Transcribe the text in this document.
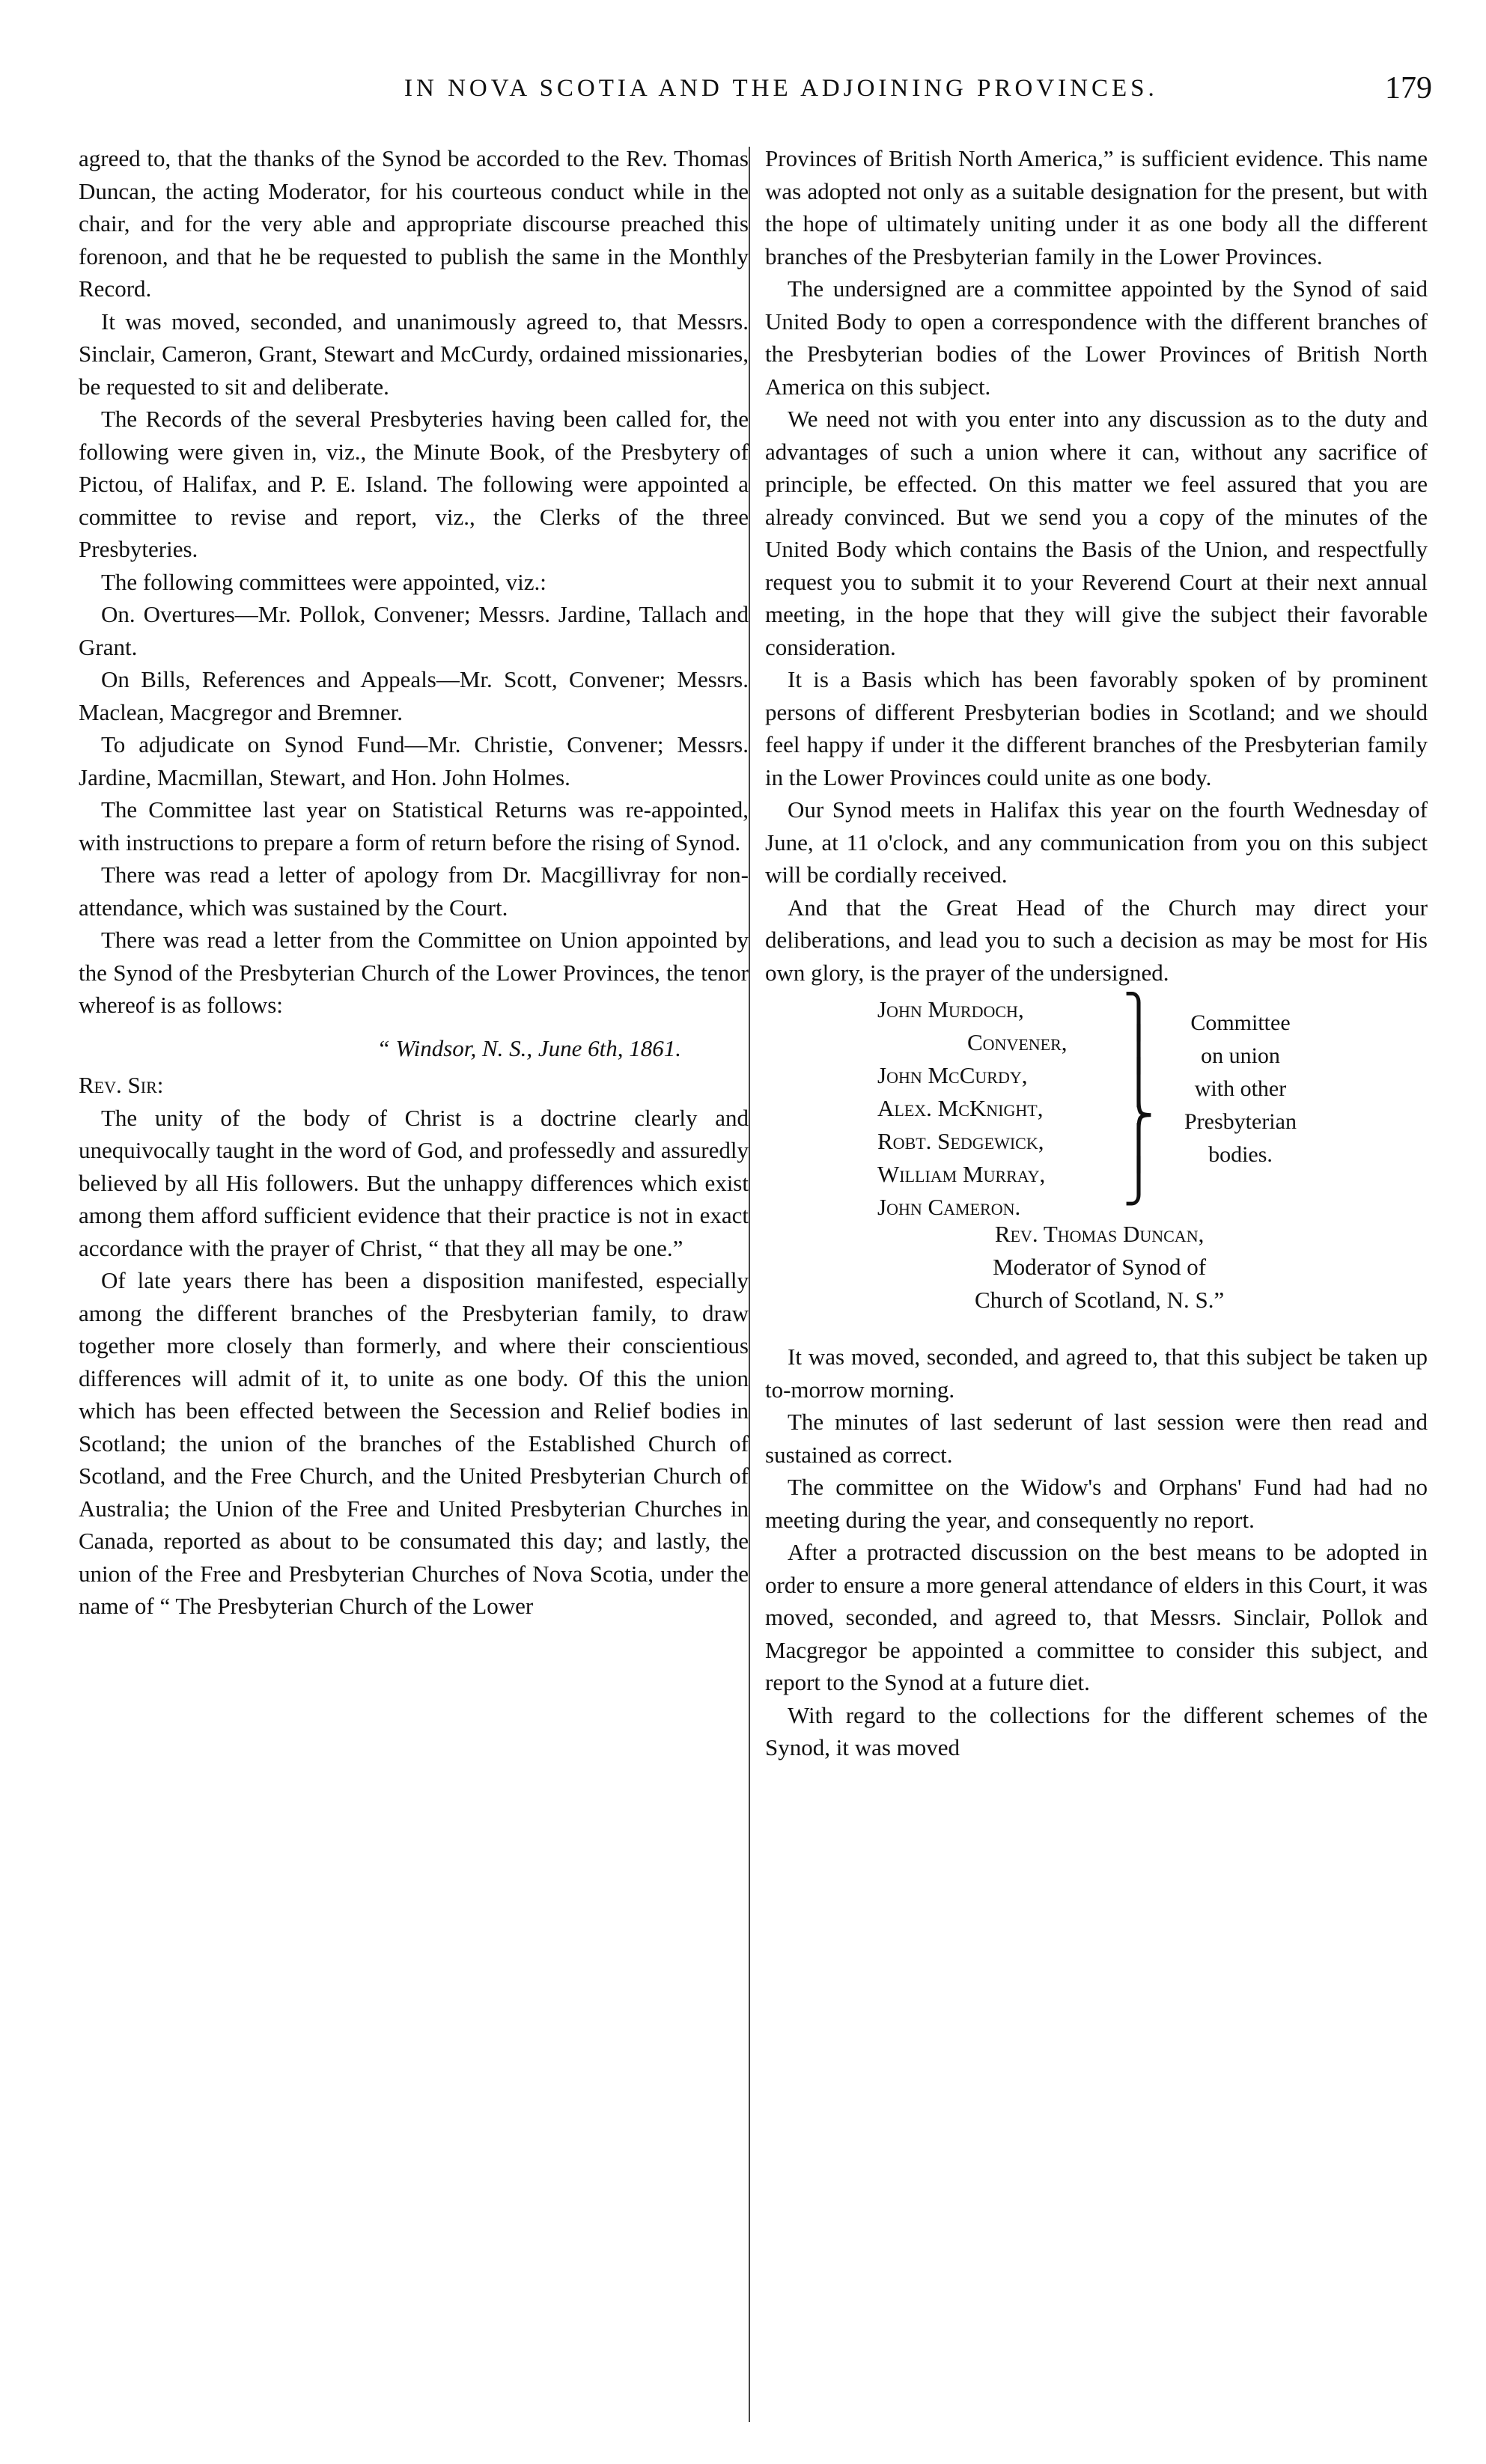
IN NOVA SCOTIA AND THE ADJOINING PROVINCES.	179

agreed to, that the thanks of the Synod be accorded to the Rev. Thomas Duncan, the acting Moderator, for his courteous conduct while in the chair, and for the very able and appropriate discourse preached this forenoon, and that he be requested to publish the same in the Monthly Record.

It was moved, seconded, and unanimously agreed to, that Messrs. Sinclair, Cameron, Grant, Stewart and McCurdy, ordained missionaries, be requested to sit and deliberate.

The Records of the several Presbyteries having been called for, the following were given in, viz., the Minute Book, of the Presbytery of Pictou, of Halifax, and P. E. Island. The following were appointed a committee to revise and report, viz., the Clerks of the three Presbyteries.

The following committees were appointed, viz.:

On. Overtures—Mr. Pollok, Convener; Messrs. Jardine, Tallach and Grant.

On Bills, References and Appeals—Mr. Scott, Convener; Messrs. Maclean, Macgregor and Bremner.

To adjudicate on Synod Fund—Mr. Christie, Convener; Messrs. Jardine, Macmillan, Stewart, and Hon. John Holmes.

The Committee last year on Statistical Returns was re-appointed, with instructions to prepare a form of return before the rising of Synod.

There was read a letter of apology from Dr. Macgillivray for non-attendance, which was sustained by the Court.

There was read a letter from the Committee on Union appointed by the Synod of the Presbyterian Church of the Lower Provinces, the tenor whereof is as follows:

“ Windsor, N. S., June 6th, 1861.

Rev. Sir:

The unity of the body of Christ is a doctrine clearly and unequivocally taught in the word of God, and professedly and assuredly believed by all His followers. But the unhappy differences which exist among them afford sufficient evidence that their practice is not in exact accordance with the prayer of Christ, “ that they all may be one.”

Of late years there has been a disposition manifested, especially among the different branches of the Presbyterian family, to draw together more closely than formerly, and where their conscientious differences will admit of it, to unite as one body. Of this the union which has been effected between the Secession and Relief bodies in Scotland; the union of the branches of the Established Church of Scotland, and the Free Church, and the United Presbyterian Church of Australia; the Union of the Free and United Presbyterian Churches in Canada, reported as about to be consumated this day; and lastly, the union of the Free and Presbyterian Churches of Nova Scotia, under the name of “ The Presbyterian Church of the Lower

Provinces of British North America,” is sufficient evidence. This name was adopted not only as a suitable designation for the present, but with the hope of ultimately uniting under it as one body all the different branches of the Presbyterian family in the Lower Provinces.

The undersigned are a committee appointed by the Synod of said United Body to open a correspondence with the different branches of the Presbyterian bodies of the Lower Provinces of British North America on this subject.

We need not with you enter into any discussion as to the duty and advantages of such a union where it can, without any sacrifice of principle, be effected. On this matter we feel assured that you are already convinced. But we send you a copy of the minutes of the United Body which contains the Basis of the Union, and respectfully request you to submit it to your Reverend Court at their next annual meeting, in the hope that they will give the subject their favorable consideration.

It is a Basis which has been favorably spoken of by prominent persons of different Presbyterian bodies in Scotland; and we should feel happy if under it the different branches of the Presbyterian family in the Lower Provinces could unite as one body.

Our Synod meets in Halifax this year on the fourth Wednesday of June, at 11 o'clock, and any communication from you on this subject will be cordially received.

And that the Great Head of the Church may direct your deliberations, and lead you to such a decision as may be most for His own glory, is the prayer of the undersigned.

John Murdoch,
Convener,
John McCurdy,
Alex. McKnight,
Robt. Sedgewick,
William Murray,
John Cameron.
⎫
⎪
⎪
⎬
⎪
⎭
Committee
on union
with other
Presbyterian
bodies.
Rev. Thomas Duncan,
Moderator of Synod of
Church of Scotland, N. S.”

It was moved, seconded, and agreed to, that this subject be taken up to-morrow morning.

The minutes of last sederunt of last session were then read and sustained as correct.

The committee on the Widow's and Orphans' Fund had had no meeting during the year, and consequently no report.

After a protracted discussion on the best means to be adopted in order to ensure a more general attendance of elders in this Court, it was moved, seconded, and agreed to, that Messrs. Sinclair, Pollok and Macgregor be appointed a committee to consider this subject, and report to the Synod at a future diet.

With regard to the collections for the different schemes of the Synod, it was moved
